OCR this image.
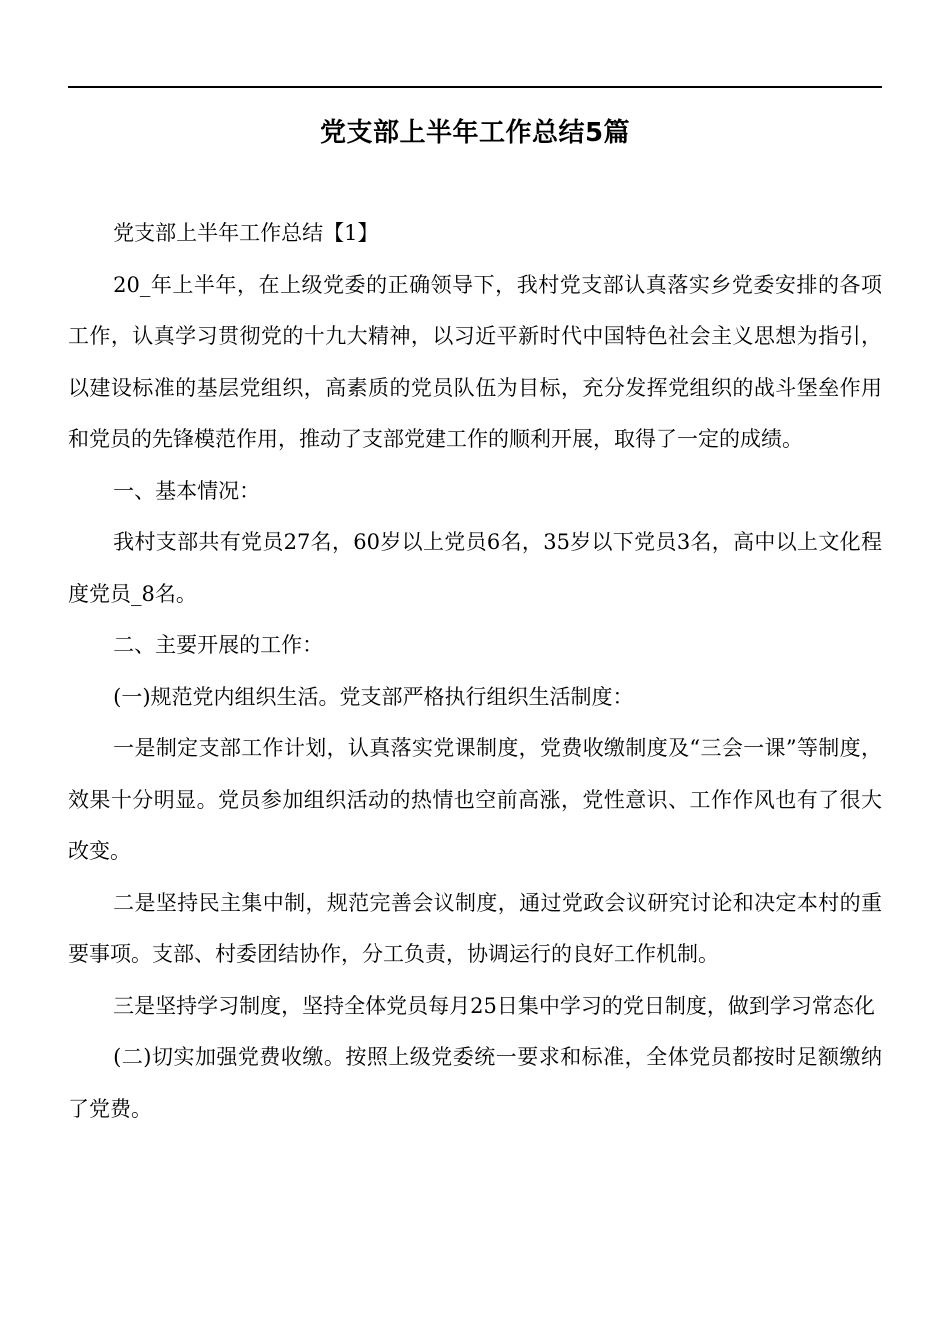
党支部上半年工作总结5篇

党支部上半年工作总结【1】

20_年上半年，在上级党委的正确领导下，我村党支部认真落实乡党委安排的各项工作，认真学习贯彻党的十九大精神，以习近平新时代中国特色社会主义思想为指引，以建设标准的基层党组织，高素质的党员队伍为目标，充分发挥党组织的战斗堡垒作用和党员的先锋模范作用，推动了支部党建工作的顺利开展，取得了一定的成绩。

一、基本情况：

我村支部共有党员27名，60岁以上党员6名，35岁以下党员3名，高中以上文化程度党员_8名。

二、主要开展的工作：

(一)规范党内组织生活。党支部严格执行组织生活制度：

一是制定支部工作计划，认真落实党课制度，党费收缴制度及“三会一课”等制度，效果十分明显。党员参加组织活动的热情也空前高涨，党性意识、工作作风也有了很大改变。

二是坚持民主集中制，规范完善会议制度，通过党政会议研究讨论和决定本村的重要事项。支部、村委团结协作，分工负责，协调运行的良好工作机制。

三是坚持学习制度，坚持全体党员每月25日集中学习的党日制度，做到学习常态化

(二)切实加强党费收缴。按照上级党委统一要求和标准，全体党员都按时足额缴纳了党费。
